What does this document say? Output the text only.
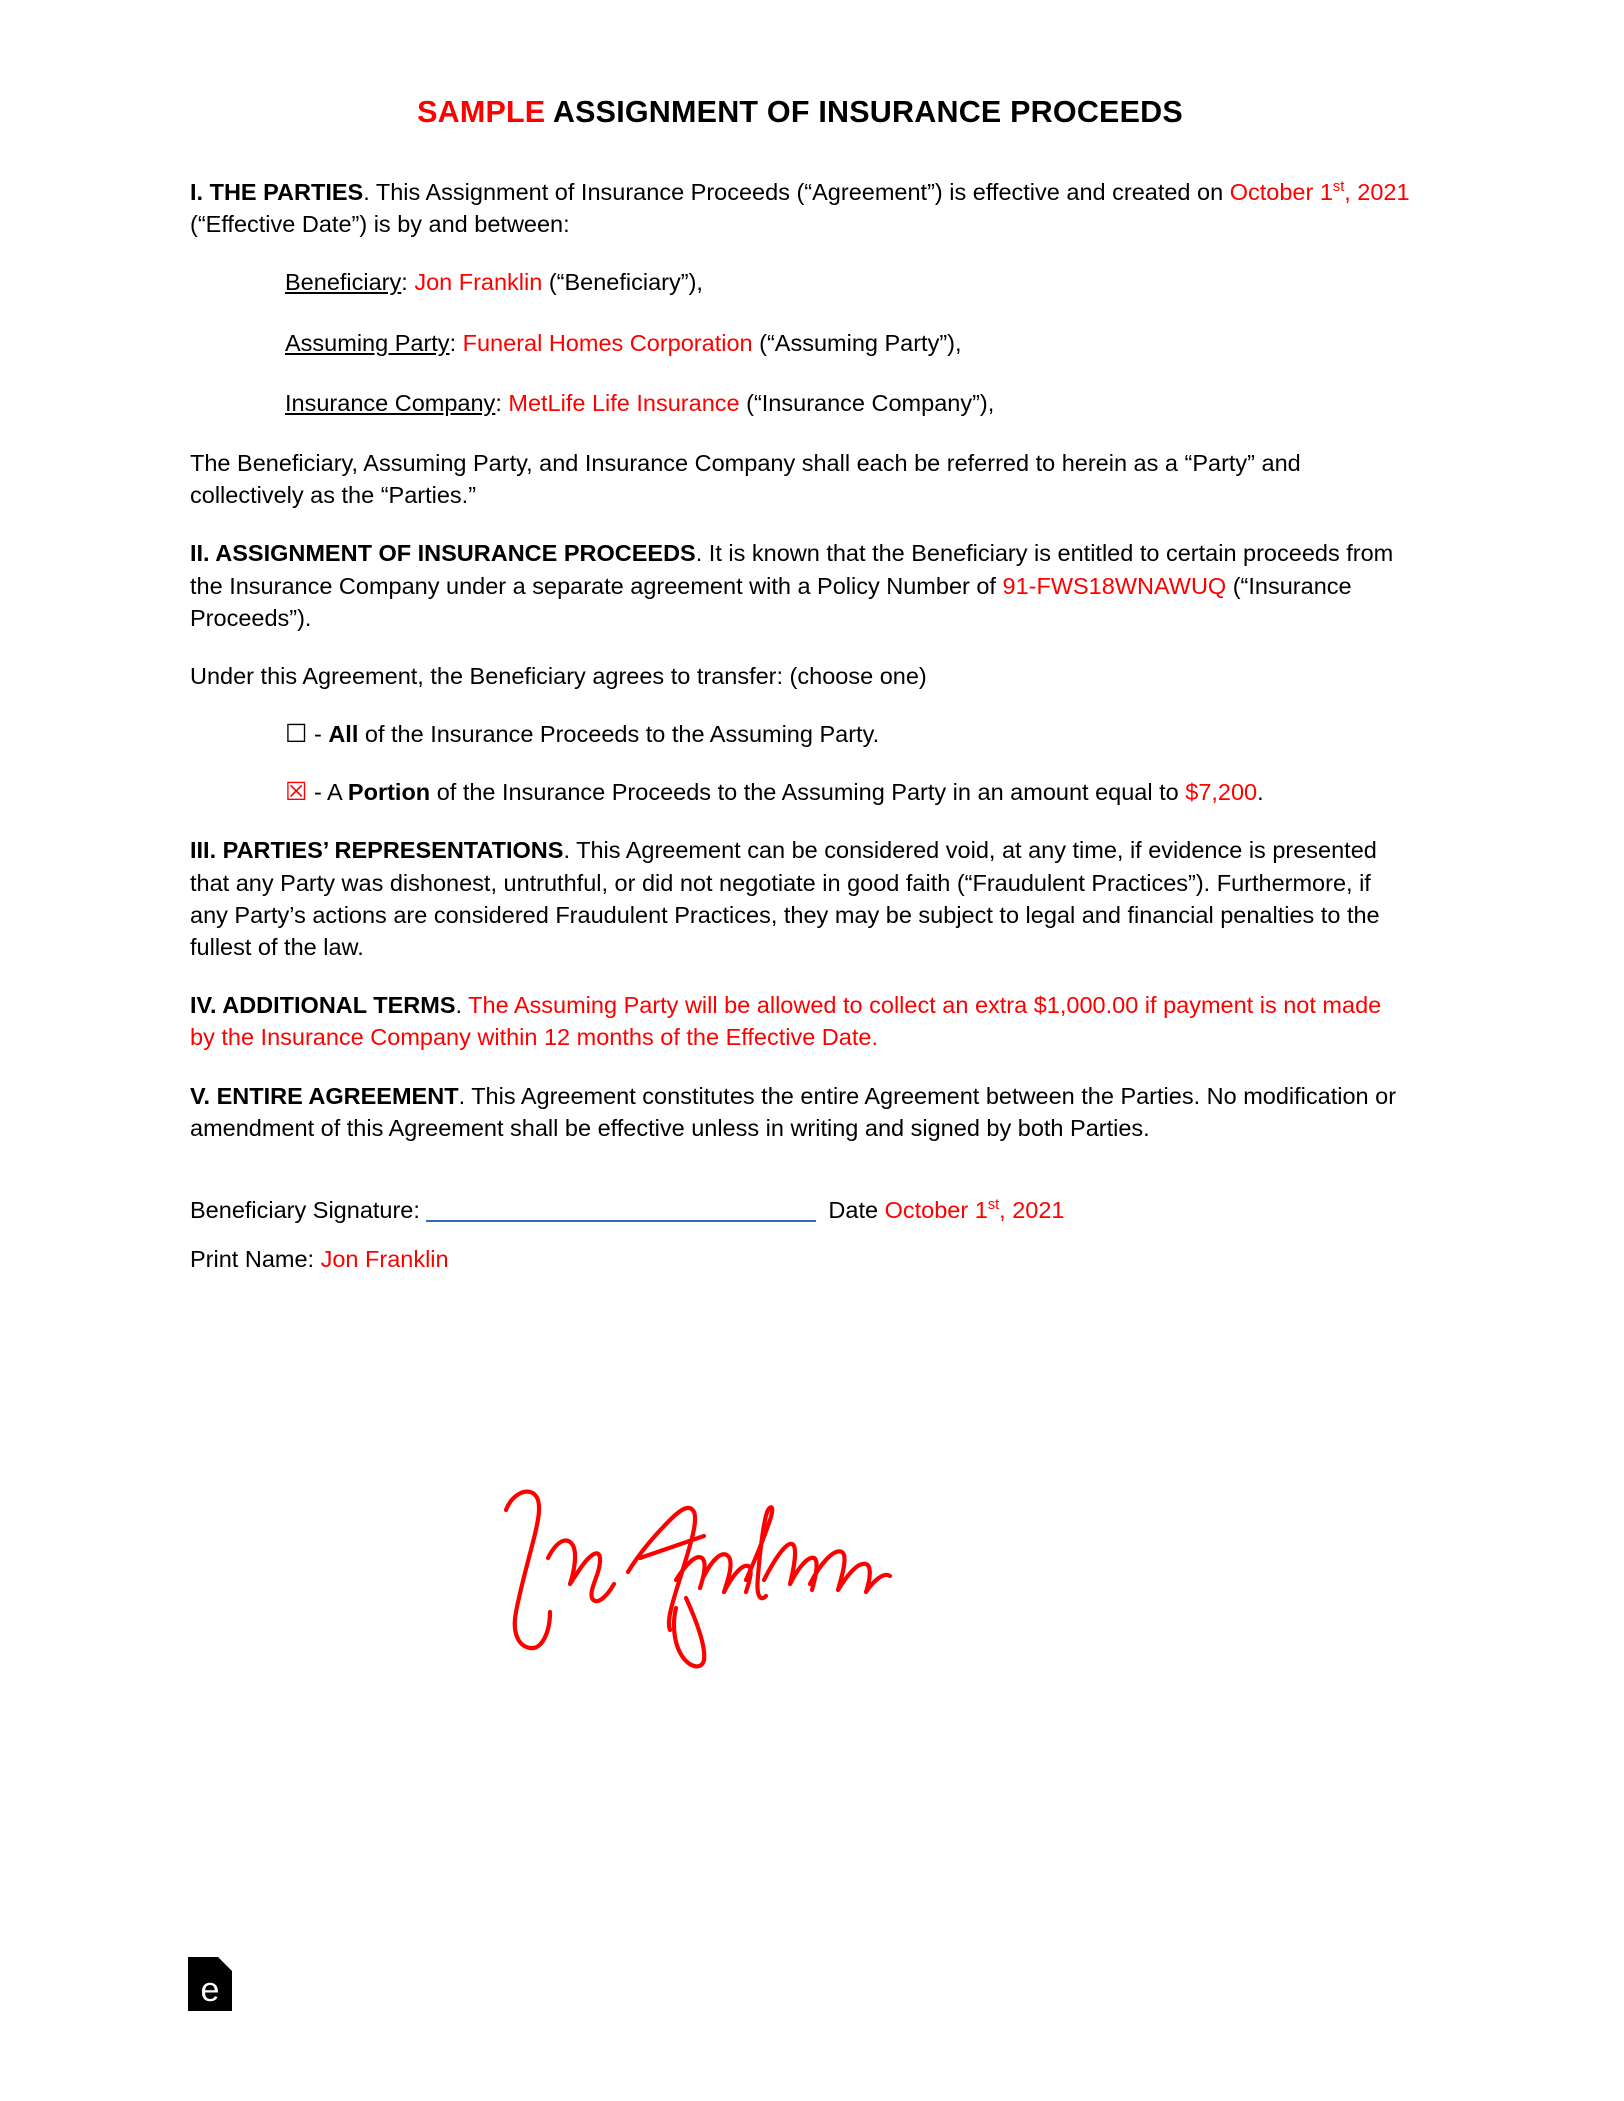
SAMPLE ASSIGNMENT OF INSURANCE PROCEEDS

I. THE PARTIES. This Assignment of Insurance Proceeds (“Agreement”) is effective and created on October 1st, 2021 (“Effective Date”) is by and between:

Beneficiary: Jon Franklin (“Beneficiary”),

Assuming Party: Funeral Homes Corporation (“Assuming Party”),

Insurance Company: MetLife Life Insurance (“Insurance Company”),

The Beneficiary, Assuming Party, and Insurance Company shall each be referred to herein as a “Party” and collectively as the “Parties.”

II. ASSIGNMENT OF INSURANCE PROCEEDS. It is known that the Beneficiary is entitled to certain proceeds from the Insurance Company under a separate agreement with a Policy Number of 91-FWS18WNAWUQ (“Insurance Proceeds”).

Under this Agreement, the Beneficiary agrees to transfer: (choose one)

☐ - All of the Insurance Proceeds to the Assuming Party.
☒ - A Portion of the Insurance Proceeds to the Assuming Party in an amount equal to $7,200.

III. PARTIES’ REPRESENTATIONS. This Agreement can be considered void, at any time, if evidence is presented that any Party was dishonest, untruthful, or did not negotiate in good faith (“Fraudulent Practices”). Furthermore, if any Party’s actions are considered Fraudulent Practices, they may be subject to legal and financial penalties to the fullest of the law.

IV. ADDITIONAL TERMS. The Assuming Party will be allowed to collect an extra $1,000.00 if payment is not made by the Insurance Company within 12 months of the Effective Date.

V. ENTIRE AGREEMENT. This Agreement constitutes the entire Agreement between the Parties. No modification or amendment of this Agreement shall be effective unless in writing and signed by both Parties.

Beneficiary Signature:	Date October 1st, 2021
Print Name: Jon Franklin
e
